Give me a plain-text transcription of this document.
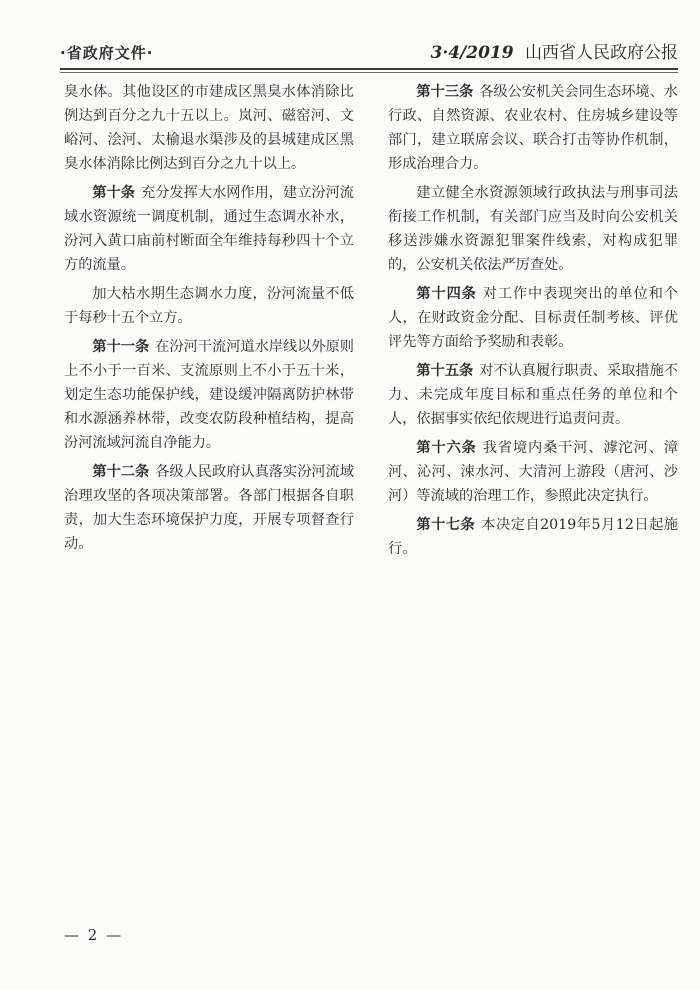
·省政府文件·	3·4/2019 山西省人民政府公报

臭水体。其他设区的市建成区黑臭水体消除比例达到百分之九十五以上。岚河、磁窑河、文峪河、浍河、太榆退水渠涉及的县城建成区黑臭水体消除比例达到百分之九十以上。

第十条 充分发挥大水网作用，建立汾河流域水资源统一调度机制，通过生态调水补水，汾河入黄口庙前村断面全年维持每秒四十个立方的流量。

加大枯水期生态调水力度，汾河流量不低于每秒十五个立方。

第十一条 在汾河干流河道水岸线以外原则上不小于一百米、支流原则上不小于五十米，划定生态功能保护线，建设缓冲隔离防护林带和水源涵养林带，改变农防段种植结构，提高汾河流域河流自净能力。

第十二条 各级人民政府认真落实汾河流域治理攻坚的各项决策部署。各部门根据各自职责，加大生态环境保护力度，开展专项督查行动。

第十三条 各级公安机关会同生态环境、水行政、自然资源、农业农村、住房城乡建设等部门，建立联席会议、联合打击等协作机制，形成治理合力。

建立健全水资源领域行政执法与刑事司法衔接工作机制，有关部门应当及时向公安机关移送涉嫌水资源犯罪案件线索，对构成犯罪的，公安机关依法严厉查处。

第十四条 对工作中表现突出的单位和个人，在财政资金分配、目标责任制考核、评优评先等方面给予奖励和表彰。

第十五条 对不认真履行职责、采取措施不力、未完成年度目标和重点任务的单位和个人，依据事实依纪依规进行追责问责。

第十六条 我省境内桑干河、滹沱河、漳河、沁河、涑水河、大清河上游段（唐河、沙河）等流域的治理工作，参照此决定执行。

第十七条 本决定自2019年5月12日起施行。

— 2 —
